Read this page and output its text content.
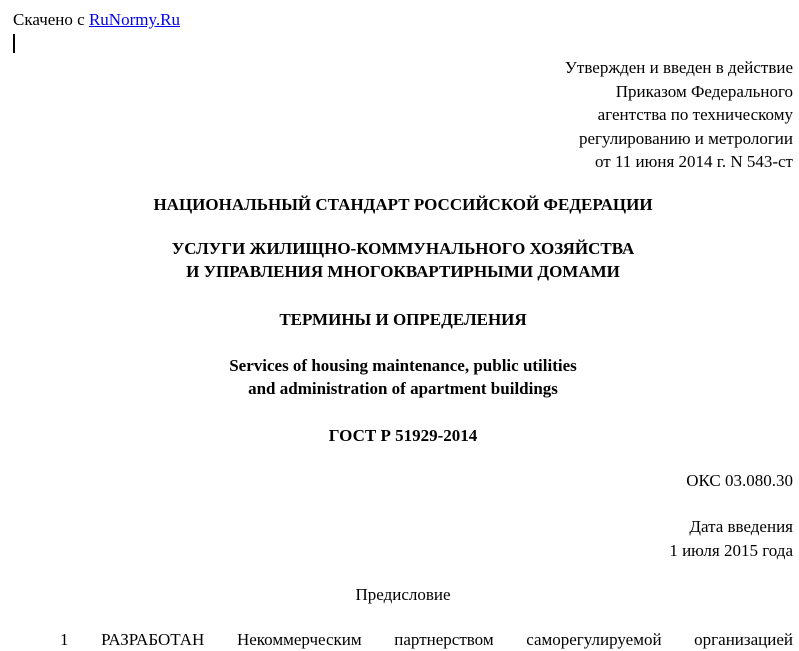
Скачено с RuNormy.Ru
Утвержден и введен в действие
Приказом Федерального
агентства по техническому
регулированию и метрологии
от 11 июня 2014 г. N 543-ст
НАЦИОНАЛЬНЫЙ СТАНДАРТ РОССИЙСКОЙ ФЕДЕРАЦИИ
УСЛУГИ ЖИЛИЩНО-КОММУНАЛЬНОГО ХОЗЯЙСТВА
И УПРАВЛЕНИЯ МНОГОКВАРТИРНЫМИ ДОМАМИ
ТЕРМИНЫ И ОПРЕДЕЛЕНИЯ
Services of housing maintenance, public utilities
and administration of apartment buildings
ГОСТ Р 51929-2014
ОКС 03.080.30
Дата введения
1 июля 2015 года
Предисловие
1 РАЗРАБОТАН Некоммерческим партнерством саморегулируемой организацией
